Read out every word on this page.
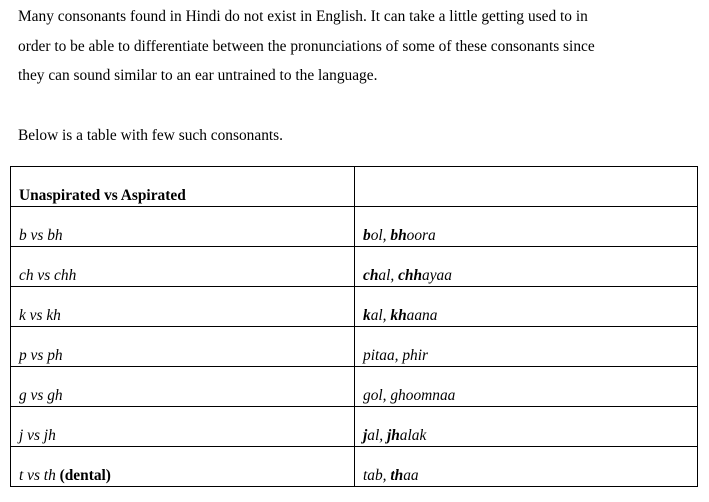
Many consonants found in Hindi do not exist in English. It can take a little getting used to in
order to be able to differentiate between the pronunciations of some of these consonants since
they can sound similar to an ear untrained to the language.

Below is a table with few such consonants.

Unaspirated vs Aspirated	
b vs bh	bol, bhoora
ch vs chh	chal, chhayaa
k vs kh	kal, khaana
p vs ph	pitaa, phir
g vs gh	gol, ghoomnaa
j vs jh	jal, jhalak
t vs th (dental)	tab, thaa
